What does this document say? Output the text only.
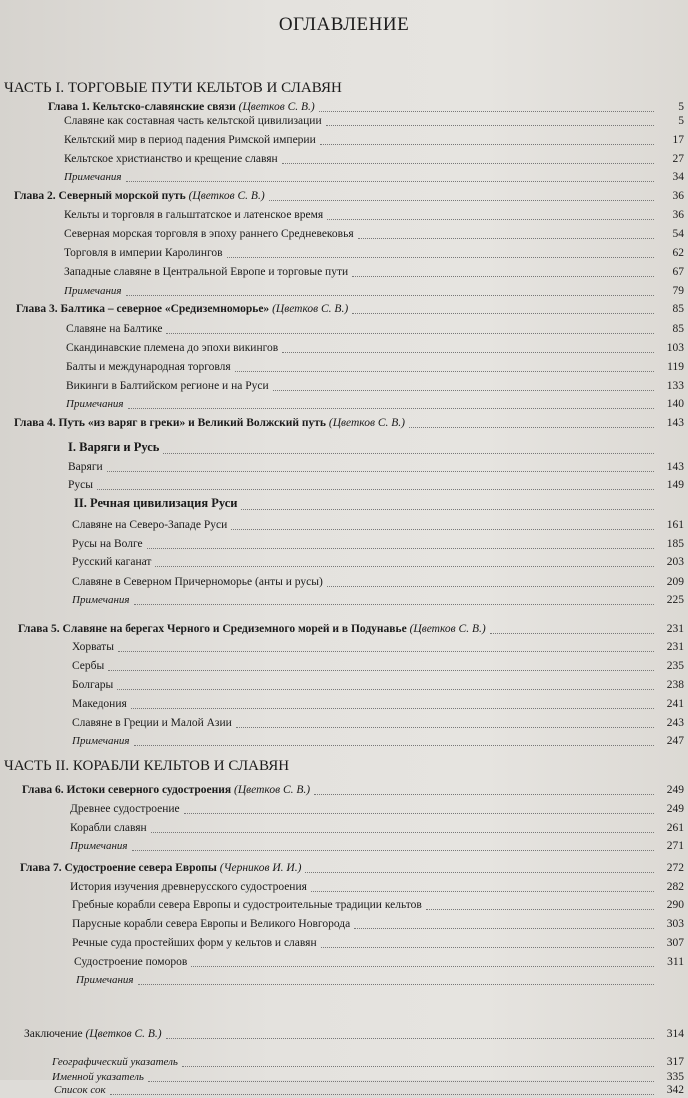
ОГЛАВЛЕНИЕ
ЧАСТЬ I. ТОРГОВЫЕ ПУТИ КЕЛЬТОВ И СЛАВЯН
ЧАСТЬ II. КОРАБЛИ КЕЛЬТОВ И СЛАВЯН
Глава 1. Кельтско-славянские связи (Цветков С. В.)	5
Славяне как составная часть кельтской цивилизации	5
Кельтский мир в период падения Римской империи	17
Кельтское христианство и крещение славян	27
Примечания	34
Глава 2. Северный морской путь (Цветков С. В.)	36
Кельты и торговля в гальштатское и латенское время	36
Северная морская торговля в эпоху раннего Средневековья	54
Торговля в империи Каролингов	62
Западные славяне в Центральной Европе и торговые пути	67
Примечания	79
Глава 3. Балтика – северное «Средиземноморье» (Цветков С. В.)	85
Славяне на Балтике	85
Скандинавские племена до эпохи викингов	103
Балты и международная торговля	119
Викинги в Балтийском регионе и на Руси	133
Примечания	140
Глава 4. Путь «из варяг в греки» и Великий Волжский путь (Цветков С. В.)	143
I. Варяги и Русь
Варяги	143
Русы	149
II. Речная цивилизация Руси
Славяне на Северо-Западе Руси	161
Русы на Волге	185
Русский каганат	203
Славяне в Северном Причерноморье (анты и русы)	209
Примечания	225
Глава 5. Славяне на берегах Черного и Средиземного морей и в Подунавье (Цветков С. В.)	231
Хорваты	231
Сербы	235
Болгары	238
Македония	241
Славяне в Греции и Малой Азии	243
Примечания	247
Глава 6. Истоки северного судостроения (Цветков С. В.)	249
Древнее судостроение	249
Корабли славян	261
Примечания	271
Глава 7. Судостроение севера Европы (Черников И. И.)	272
История изучения древнерусского судостроения	282
Гребные корабли севера Европы и судостроительные традиции кельтов	290
Парусные корабли севера Европы и Великого Новгорода	303
Речные суда простейших форм у кельтов и славян	307
Судостроение поморов	311
Примечания
Заключение (Цветков С. В.)	314
Географический указатель	317
Именной указатель	335
Список сок	342
